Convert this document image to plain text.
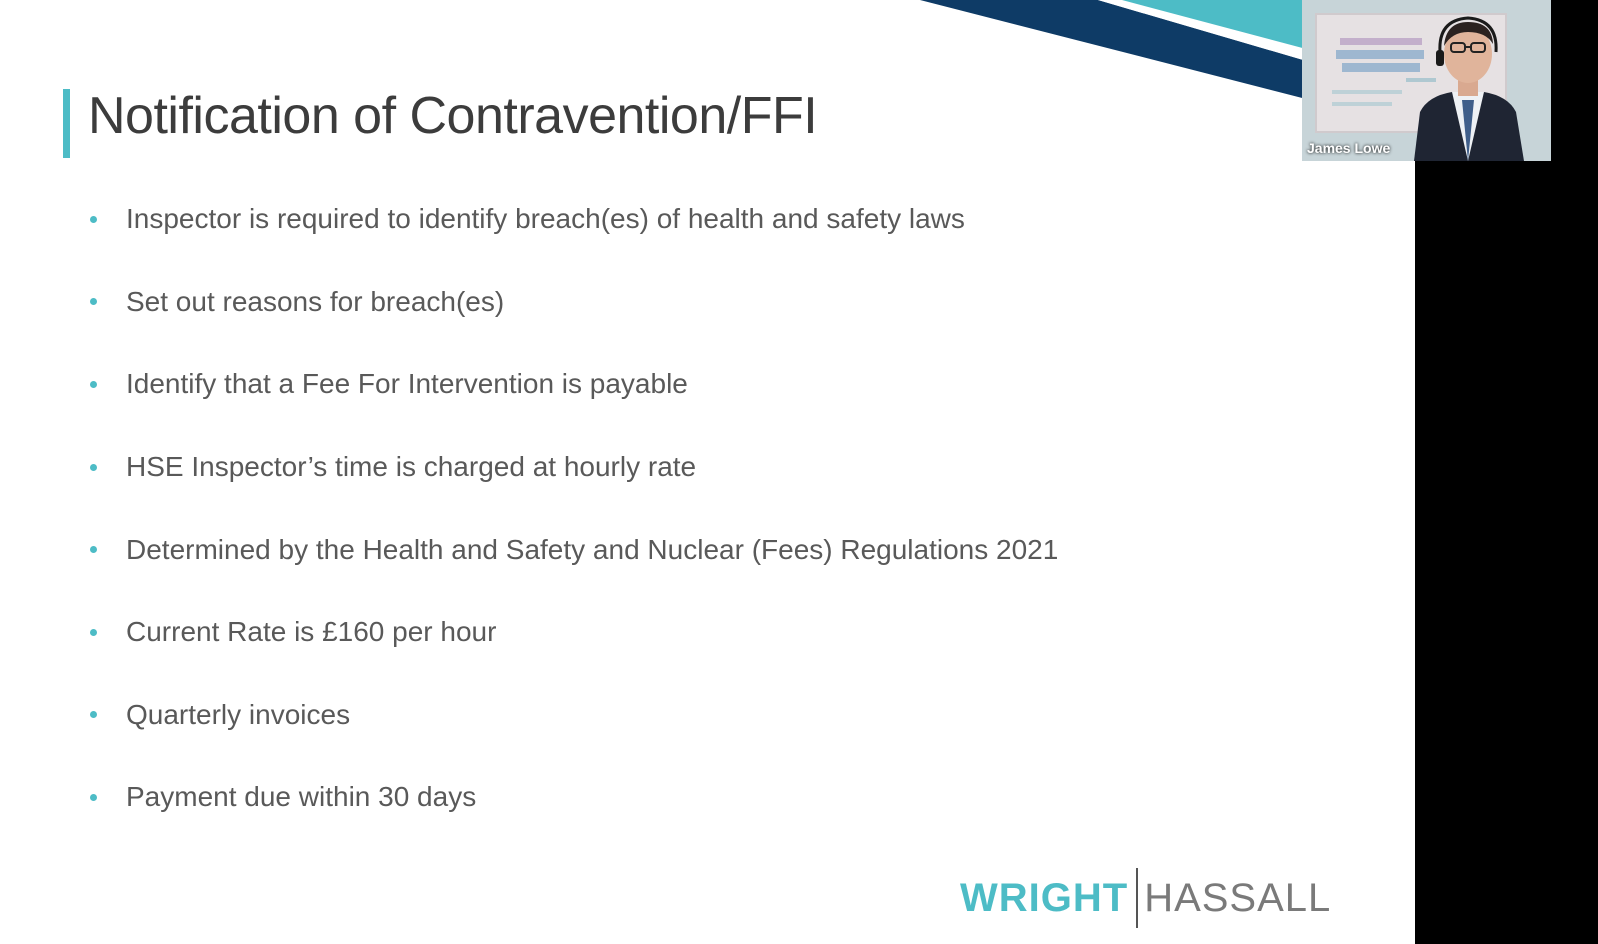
Notification of Contravention/FFI
Inspector is required to identify breach(es) of health and safety laws
Set out reasons for breach(es)
Identify that a Fee For Intervention is payable
HSE Inspector’s time is charged at hourly rate
Determined by the Health and Safety and Nuclear (Fees) Regulations 2021
Current Rate is £160 per hour
Quarterly invoices
Payment due within 30 days
WRIGHT HASSALL
James Lowe
